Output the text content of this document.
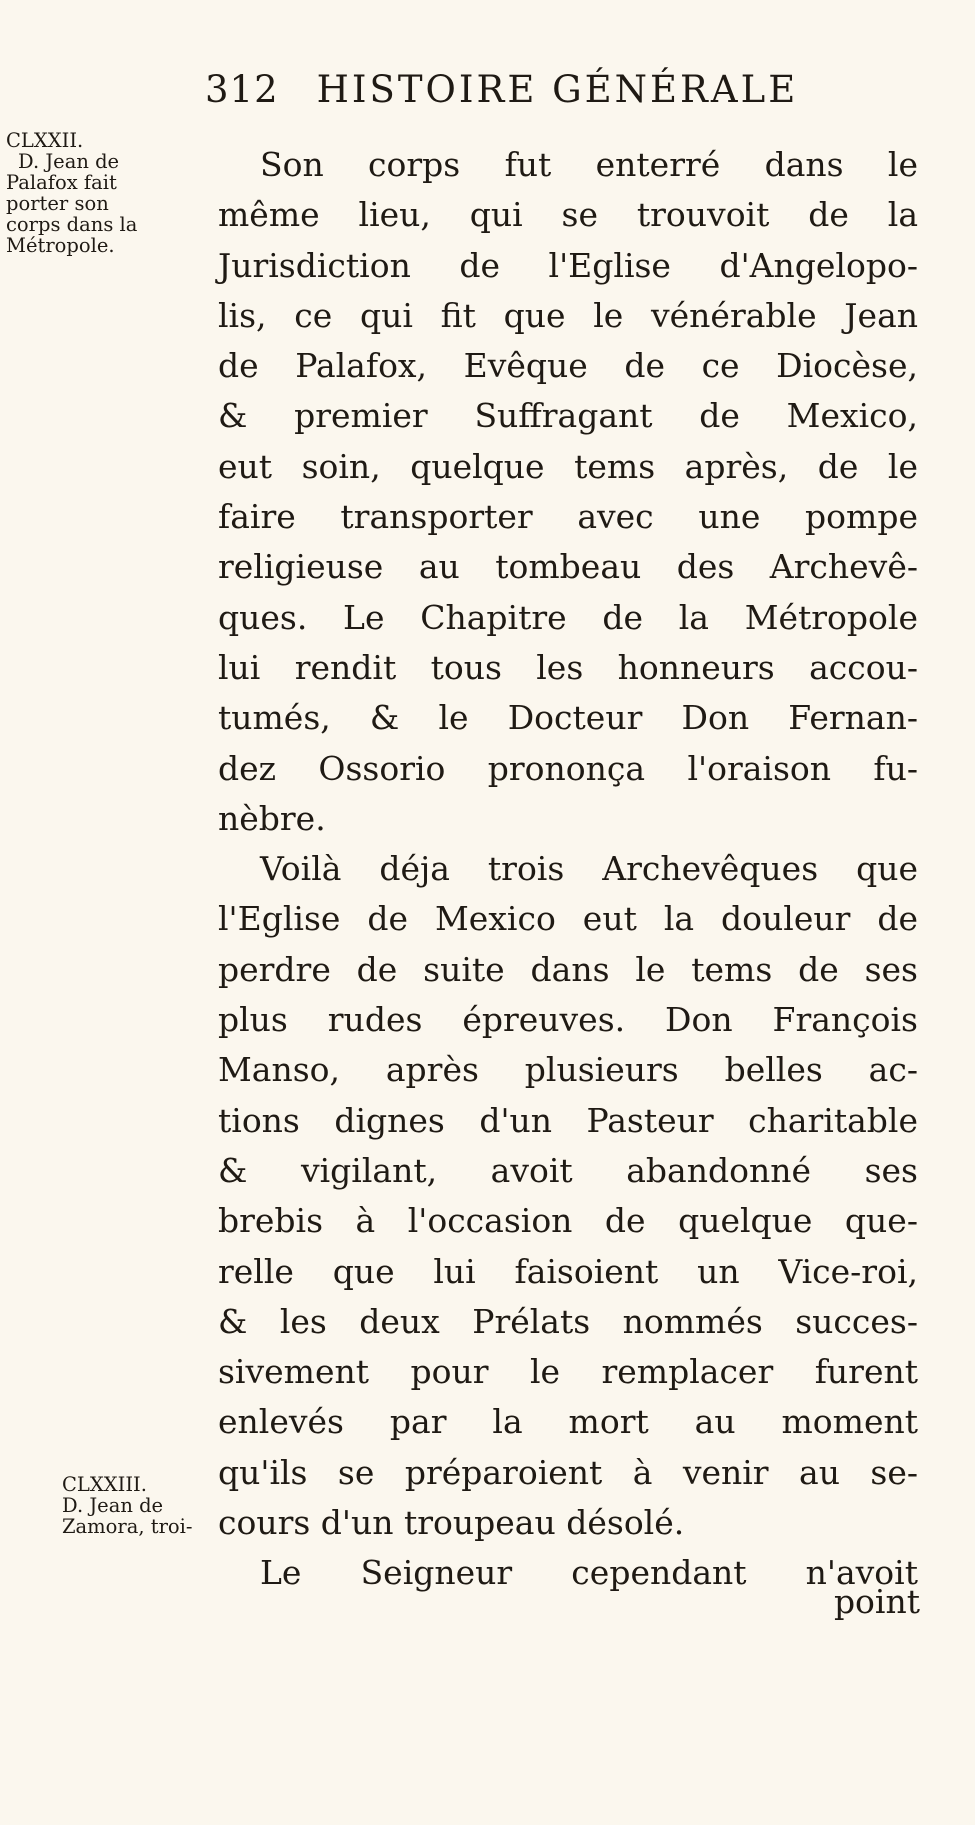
312 HISTOIRE GÉNÉRALE
CLXXII.
D. Jean de
Palafox fait
porter son
corps dans la
Métropole.
Son corps fut enterré dans le
même lieu, qui se trouvoit de la
Jurisdiction de l'Eglise d'Angelopo-
lis, ce qui fit que le vénérable Jean
de Palafox, Evêque de ce Diocèse,
& premier Suffragant de Mexico,
eut soin, quelque tems après, de le
faire transporter avec une pompe
religieuse au tombeau des Archevê-
ques. Le Chapitre de la Métropole
lui rendit tous les honneurs accou-
tumés, & le Docteur Don Fernan-
dez Ossorio prononça l'oraison fu-
nèbre.
Voilà déja trois Archevêques que
l'Eglise de Mexico eut la douleur de
perdre de suite dans le tems de ses
plus rudes épreuves. Don François
Manso, après plusieurs belles ac-
tions dignes d'un Pasteur charitable
& vigilant, avoit abandonné ses
brebis à l'occasion de quelque que-
relle que lui faisoient un Vice-roi,
& les deux Prélats nommés succes-
sivement pour le remplacer furent
enlevés par la mort au moment
qu'ils se préparoient à venir au se-
cours d'un troupeau désolé.
Le Seigneur cependant n'avoit
CLXXIII.
D. Jean de
Zamora, troi-
point
